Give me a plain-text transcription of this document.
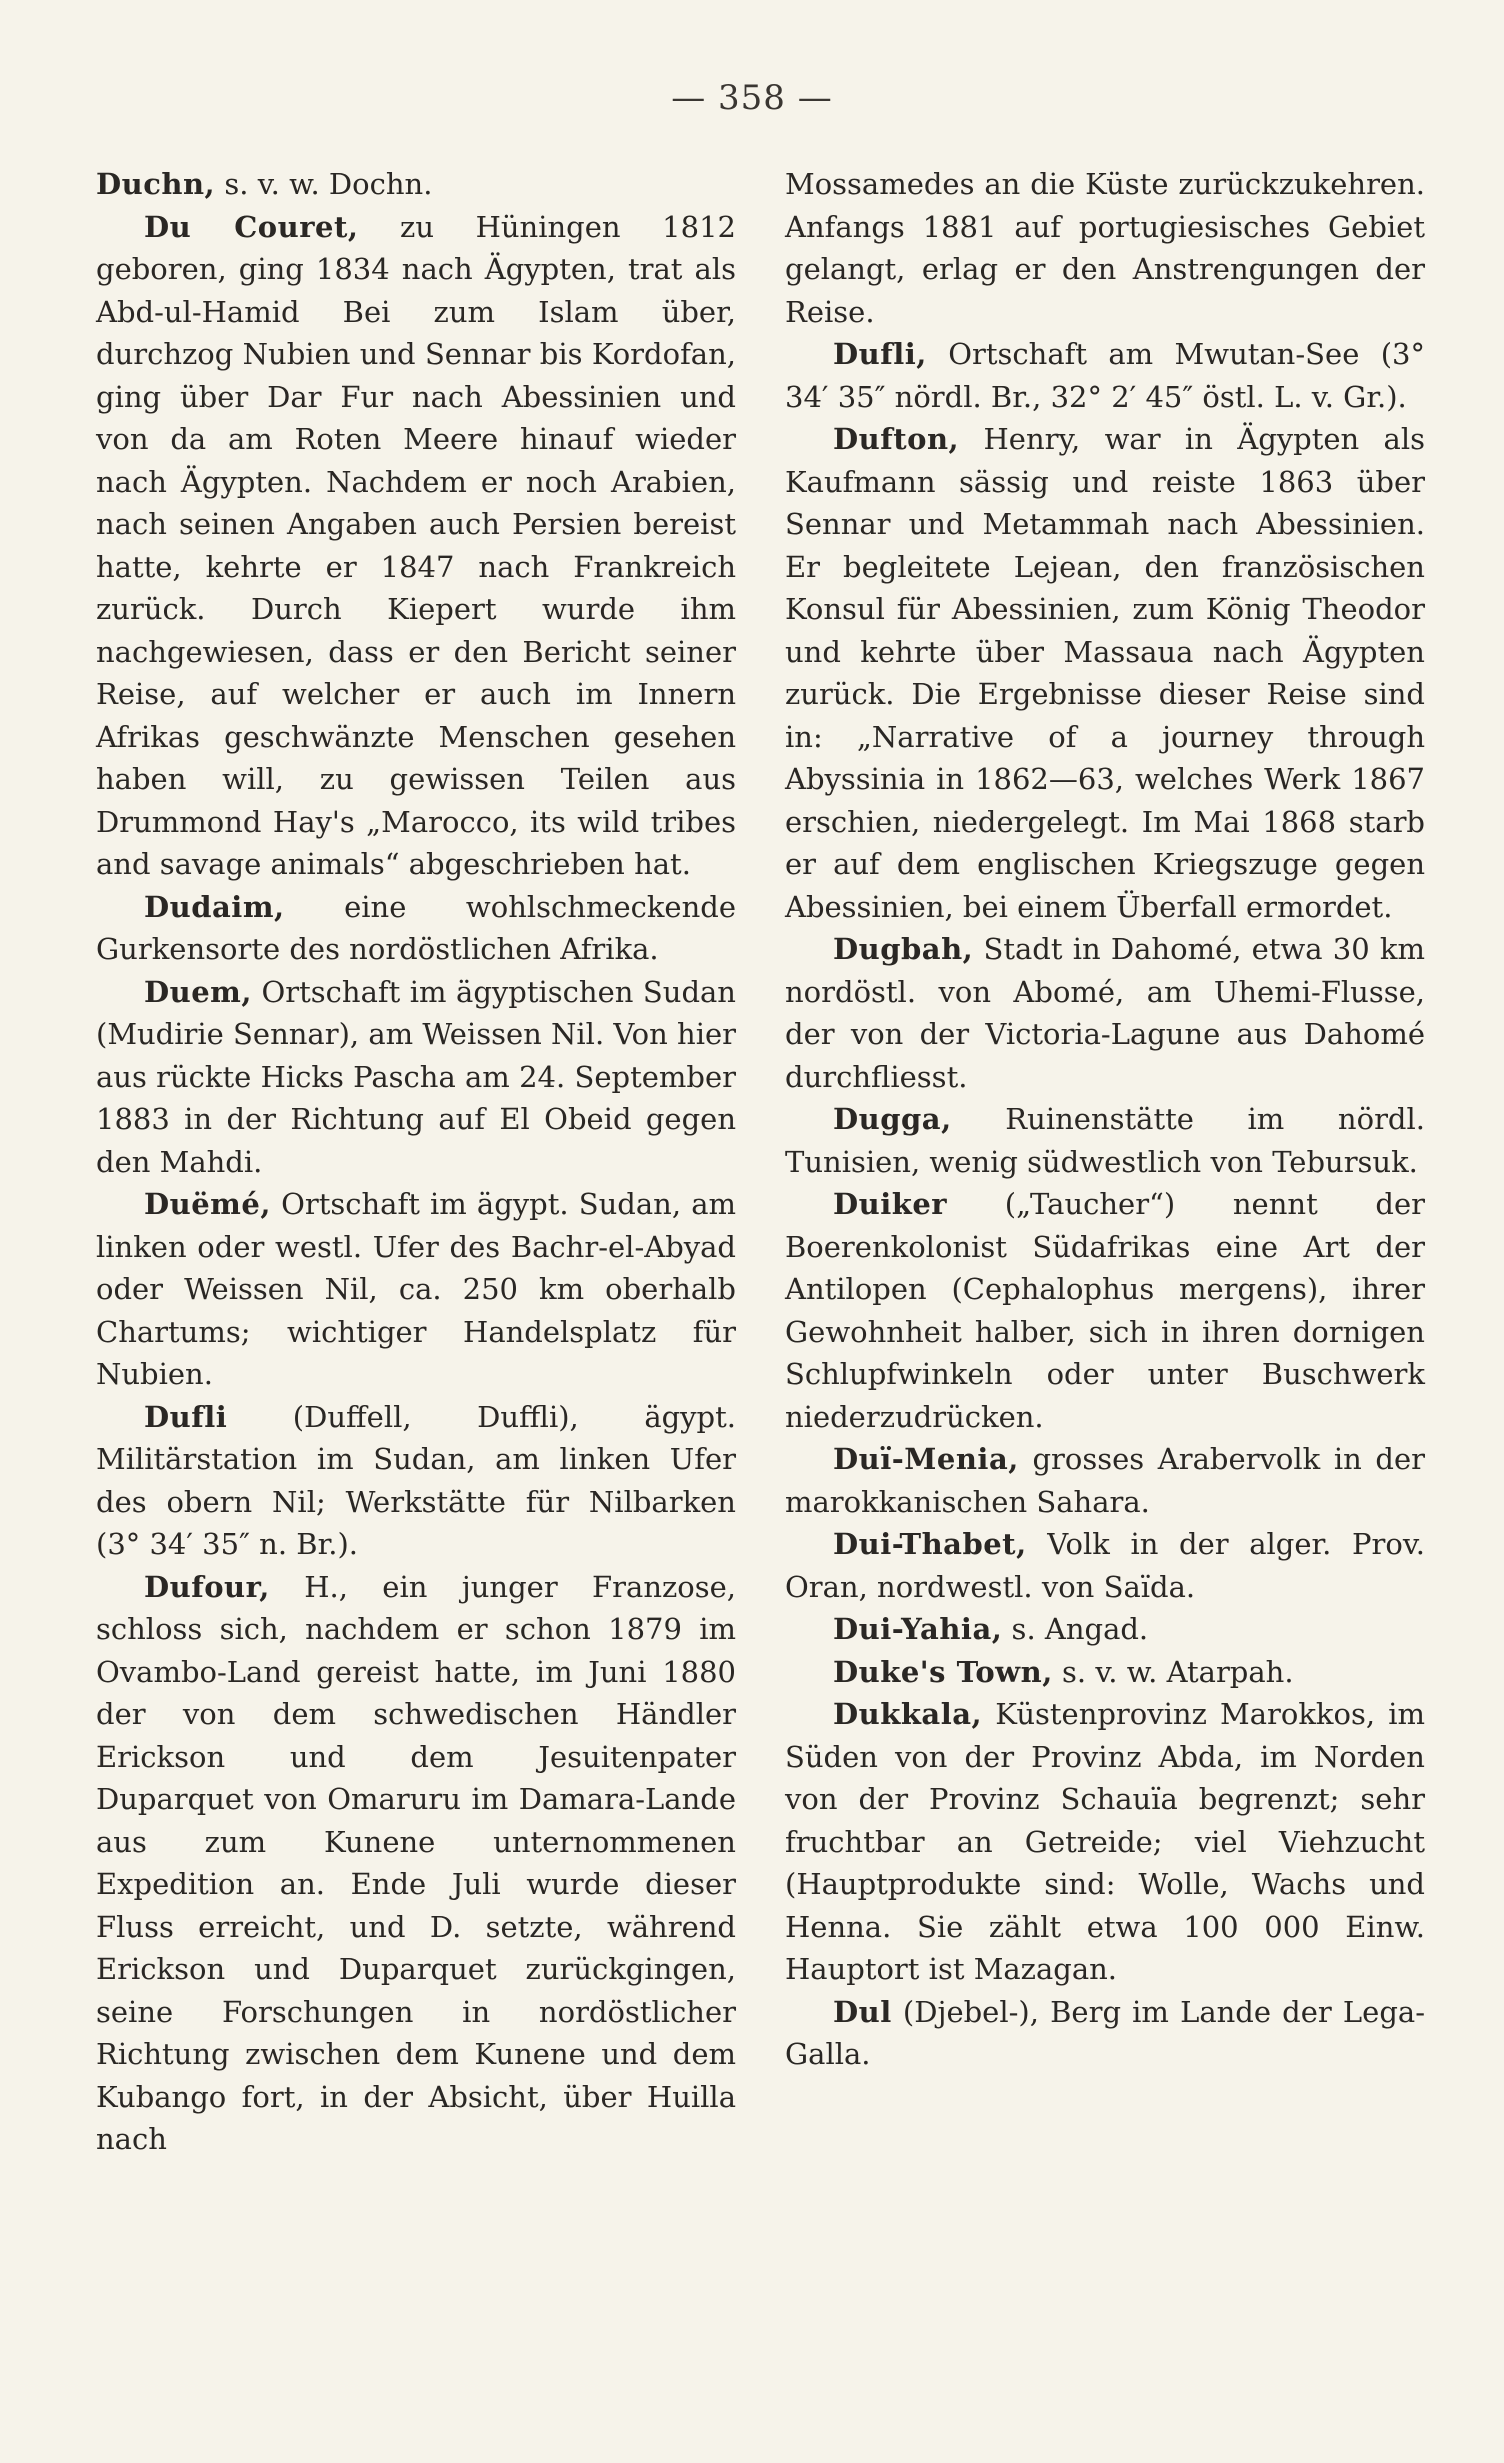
— 358 —

Duchn, s. v. w. Dochn.

Du Couret, zu Hüningen 1812 geboren, ging 1834 nach Ägypten, trat als Abd-ul-Hamid Bei zum Islam über, durchzog Nubien und Sennar bis Kordofan, ging über Dar Fur nach Abessinien und von da am Roten Meere hinauf wieder nach Ägypten. Nachdem er noch Arabien, nach seinen Angaben auch Persien bereist hatte, kehrte er 1847 nach Frankreich zurück. Durch Kiepert wurde ihm nachgewiesen, dass er den Bericht seiner Reise, auf welcher er auch im Innern Afrikas geschwänzte Menschen gesehen haben will, zu gewissen Teilen aus Drummond Hay's „Marocco, its wild tribes and savage animals“ abgeschrieben hat.

Dudaim, eine wohlschmeckende Gurkensorte des nordöstlichen Afrika.

Duem, Ortschaft im ägyptischen Sudan (Mudirie Sennar), am Weissen Nil. Von hier aus rückte Hicks Pascha am 24. September 1883 in der Richtung auf El Obeid gegen den Mahdi.

Duëmé, Ortschaft im ägypt. Sudan, am linken oder westl. Ufer des Bachr-el-Abyad oder Weissen Nil, ca. 250 km oberhalb Chartums; wichtiger Handelsplatz für Nubien.

Dufli (Duffell, Duffli), ägypt. Militärstation im Sudan, am linken Ufer des obern Nil; Werkstätte für Nilbarken (3° 34′ 35″ n. Br.).

Dufour, H., ein junger Franzose, schloss sich, nachdem er schon 1879 im Ovambo-Land gereist hatte, im Juni 1880 der von dem schwedischen Händler Erickson und dem Jesuitenpater Duparquet von Omaruru im Damara-Lande aus zum Kunene unternommenen Expedition an. Ende Juli wurde dieser Fluss erreicht, und D. setzte, während Erickson und Duparquet zurückgingen, seine Forschungen in nordöstlicher Richtung zwischen dem Kunene und dem Kubango fort, in der Absicht, über Huilla nach

Mossamedes an die Küste zurückzukehren. Anfangs 1881 auf portugiesisches Gebiet gelangt, erlag er den Anstrengungen der Reise.

Dufli, Ortschaft am Mwutan-See (3° 34′ 35″ nördl. Br., 32° 2′ 45″ östl. L. v. Gr.).

Dufton, Henry, war in Ägypten als Kaufmann sässig und reiste 1863 über Sennar und Metammah nach Abessinien. Er begleitete Lejean, den französischen Konsul für Abessinien, zum König Theodor und kehrte über Massaua nach Ägypten zurück. Die Ergebnisse dieser Reise sind in: „Narrative of a journey through Abyssinia in 1862—63, welches Werk 1867 erschien, niedergelegt. Im Mai 1868 starb er auf dem englischen Kriegszuge gegen Abessinien, bei einem Überfall ermordet.

Dugbah, Stadt in Dahomé, etwa 30 km nordöstl. von Abomé, am Uhemi-Flusse, der von der Victoria-Lagune aus Dahomé durchfliesst.

Dugga, Ruinenstätte im nördl. Tunisien, wenig südwestlich von Tebursuk.

Duiker („Taucher“) nennt der Boerenkolonist Südafrikas eine Art der Antilopen (Cephalophus mergens), ihrer Gewohnheit halber, sich in ihren dornigen Schlupfwinkeln oder unter Buschwerk niederzudrücken.

Duï-Menia, grosses Arabervolk in der marokkanischen Sahara.

Dui-Thabet, Volk in der alger. Prov. Oran, nordwestl. von Saïda.

Dui-Yahia, s. Angad.

Duke's Town, s. v. w. Atarpah.

Dukkala, Küstenprovinz Marokkos, im Süden von der Provinz Abda, im Norden von der Provinz Schauïa begrenzt; sehr fruchtbar an Getreide; viel Viehzucht (Hauptprodukte sind: Wolle, Wachs und Henna. Sie zählt etwa 100 000 Einw. Hauptort ist Mazagan.

Dul (Djebel-), Berg im Lande der Lega-Galla.
